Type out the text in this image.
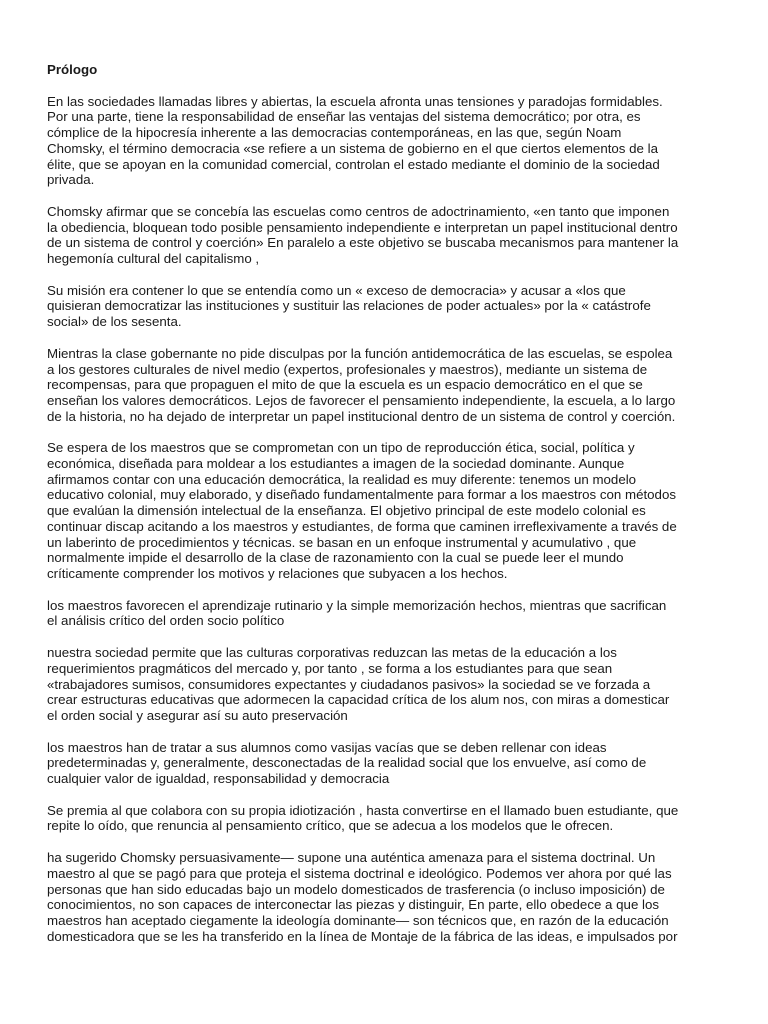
Prólogo
En las sociedades llamadas libres y abiertas, la escuela afronta unas tensiones y paradojas formidables.
Por una parte, tiene la responsabilidad de enseñar las ventajas del sistema democrático; por otra, es
cómplice de la hipocresía inherente a las democracias contemporáneas, en las que, según Noam
Chomsky, el término democracia «se refiere a un sistema de gobierno en el que ciertos elementos de la
élite, que se apoyan en la comunidad comercial, controlan el estado mediante el dominio de la sociedad
privada.
Chomsky afirmar que se concebía las escuelas como centros de adoctrinamiento, «en tanto que imponen
la obediencia, bloquean todo posible pensamiento independiente e interpretan un papel institucional dentro
de un sistema de control y coerción» En paralelo a este objetivo se buscaba mecanismos para mantener la
hegemonía cultural del capitalismo ,
Su misión era contener lo que se entendía como un « exceso de democracia» y acusar a «los que
quisieran democratizar las instituciones y sustituir las relaciones de poder actuales» por la « catástrofe
social» de los sesenta.
Mientras la clase gobernante no pide disculpas por la función antidemocrática de las escuelas, se espolea
a los gestores culturales de nivel medio (expertos, profesionales y maestros), mediante un sistema de
recompensas, para que propaguen el mito de que la escuela es un espacio democrático en el que se
enseñan los valores democráticos. Lejos de favorecer el pensamiento independiente, la escuela, a lo largo
de la historia, no ha dejado de interpretar un papel institucional dentro de un sistema de control y coerción.
Se espera de los maestros que se comprometan con un tipo de reproducción ética, social, política y
económica, diseñada para moldear a los estudiantes a imagen de la sociedad dominante. Aunque
afirmamos contar con una educación democrática, la realidad es muy diferente: tenemos un modelo
educativo colonial, muy elaborado, y diseñado fundamentalmente para formar a los maestros con métodos
que evalúan la dimensión intelectual de la enseñanza. El objetivo principal de este modelo colonial es
continuar discap acitando a los maestros y estudiantes, de forma que caminen irreflexivamente a través de
un laberinto de procedimientos y técnicas. se basan en un enfoque instrumental y acumulativo , que
normalmente impide el desarrollo de la clase de razonamiento con la cual se puede leer el mundo
críticamente comprender los motivos y relaciones que subyacen a los hechos.
los maestros favorecen el aprendizaje rutinario y la simple memorización hechos, mientras que sacrifican
el análisis crítico del orden socio político
nuestra sociedad permite que las culturas corporativas reduzcan las metas de la educación a los
requerimientos pragmáticos del mercado y, por tanto , se forma a los estudiantes para que sean
«trabajadores sumisos, consumidores expectantes y ciudadanos pasivos» la sociedad se ve forzada a
crear estructuras educativas que adormecen la capacidad crítica de los alum nos, con miras a domesticar
el orden social y asegurar así su auto preservación
los maestros han de tratar a sus alumnos como vasijas vacías que se deben rellenar con ideas
predeterminadas y, generalmente, desconectadas de la realidad social que los envuelve, así como de
cualquier valor de igualdad, responsabilidad y democracia
Se premia al que colabora con su propia idiotización , hasta convertirse en el llamado buen estudiante, que
repite lo oído, que renuncia al pensamiento crítico, que se adecua a los modelos que le ofrecen.
ha sugerido Chomsky persuasivamente— supone una auténtica amenaza para el sistema doctrinal. Un
maestro al que se pagó para que proteja el sistema doctrinal e ideológico. Podemos ver ahora por qué las
personas que han sido educadas bajo un modelo domesticados de trasferencia (o incluso imposición) de
conocimientos, no son capaces de interconectar las piezas y distinguir, En parte, ello obedece a que los
maestros han aceptado ciegamente la ideología dominante— son técnicos que, en razón de la educación
domesticadora que se les ha transferido en la línea de Montaje de la fábrica de las ideas, e impulsados por
